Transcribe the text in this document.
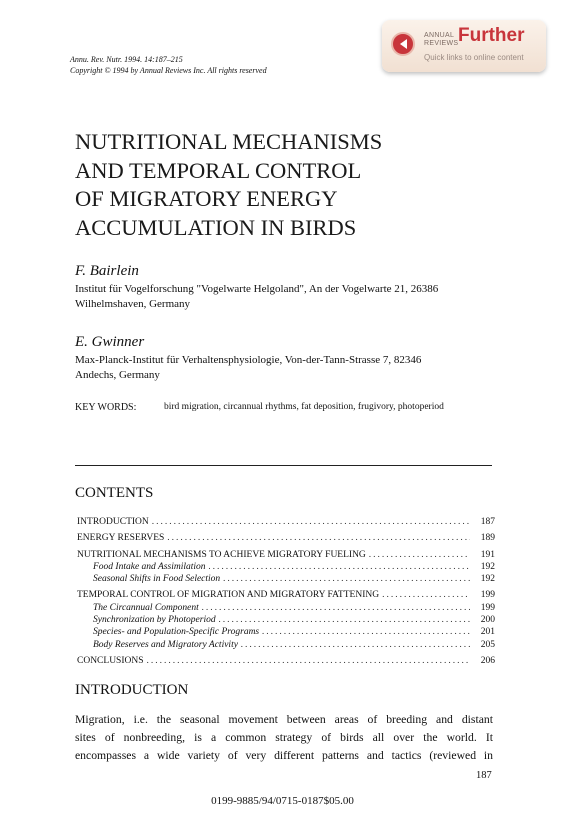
Annu. Rev. Nutr. 1994. 14:187–215
Copyright © 1994 by Annual Reviews Inc. All rights reserved
ANNUAL
REVIEWS Further
Quick links to online content
NUTRITIONAL MECHANISMS
AND TEMPORAL CONTROL
OF MIGRATORY ENERGY
ACCUMULATION IN BIRDS
F. Bairlein
Institut für Vogelforschung "Vogelwarte Helgoland", An der Vogelwarte 21, 26386
Wilhelmshaven, Germany
E. Gwinner
Max-Planck-Institut für Verhaltensphysiologie, Von-der-Tann-Strasse 7, 82346
Andechs, Germany
KEY WORDS:	bird migration, circannual rhythms, fat deposition, frugivory, photoperiod
CONTENTS
INTRODUCTION .....	187
ENERGY RESERVES .....	189
NUTRITIONAL MECHANISMS TO ACHIEVE MIGRATORY FUELING .....	191
Food Intake and Assimilation .....	192
Seasonal Shifts in Food Selection .....	192
TEMPORAL CONTROL OF MIGRATION AND MIGRATORY FATTENING .....	199
The Circannual Component .....	199
Synchronization by Photoperiod .....	200
Species- and Population-Specific Programs .....	201
Body Reserves and Migratory Activity .....	205
CONCLUSIONS .....	206
INTRODUCTION
Migration, i.e. the seasonal movement between areas of breeding and distant
sites of nonbreeding, is a common strategy of birds all over the world. It
encompasses a wide variety of very different patterns and tactics (reviewed in
187
0199-9885/94/0715-0187$05.00
